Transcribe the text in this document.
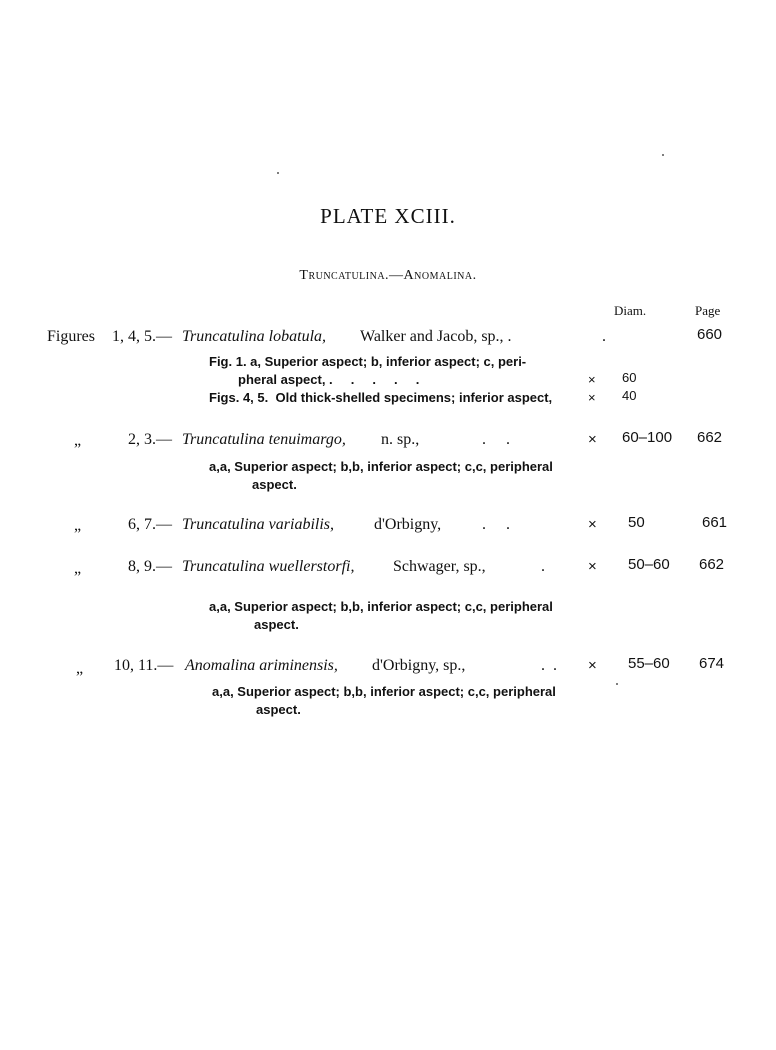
PLATE XCIII.
Truncatulina.—Anomalina.
Diam.	Page
Figures 1, 4, 5.— Truncatulina lobatula, Walker and Jacob, sp., .	.	660
Fig. 1. a, Superior aspect; b, inferior aspect; c, peri-
pheral aspect, .     .     .     .     .	× 60
Figs. 4, 5.  Old thick-shelled specimens; inferior aspect,	× 40
„	2, 3.— Truncatulina tenuimargo, n. sp.,	.     .	× 60–100 662
a,a, Superior aspect; b,b, inferior aspect; c,c, peripheral
aspect.
„	6, 7.— Truncatulina variabilis, d'Orbigny,	.     .	× 50	661
„	8, 9.— Truncatulina wuellerstorfi, Schwager, sp.,	.	× 50–60 662
a,a, Superior aspect; b,b, inferior aspect; c,c, peripheral
aspect.
„ 10, 11.— Anomalina ariminensis, d'Orbigny, sp.,	.  . × 55–60 674
a,a, Superior aspect; b,b, inferior aspect; c,c, peripheral
aspect.
